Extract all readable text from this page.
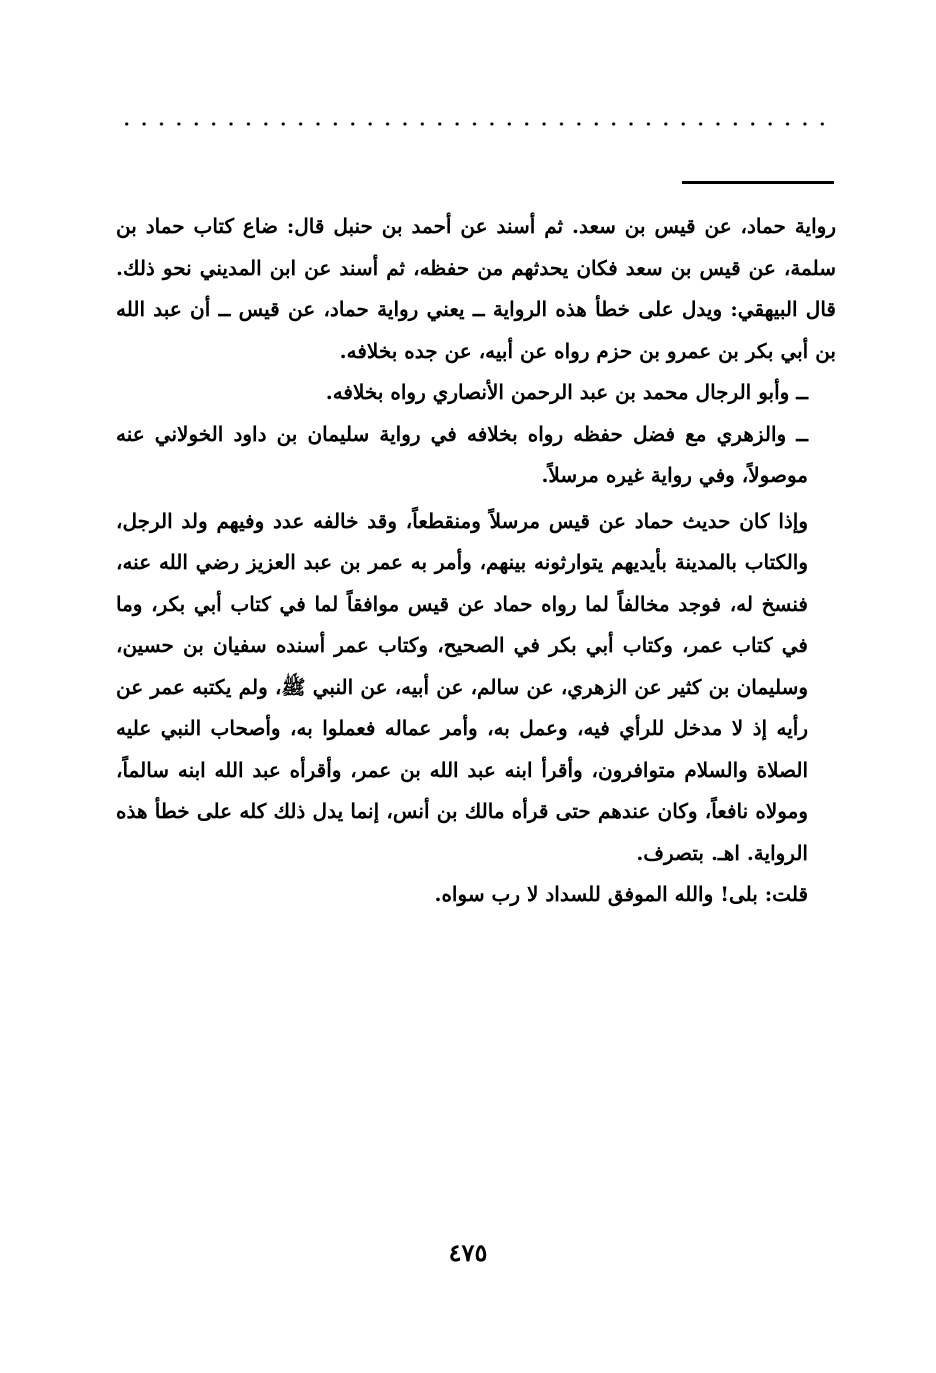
رواية حماد، عن قيس بن سعد. ثم أسند عن أحمد بن حنبل قال: ضاع كتاب حماد بن سلمة، عن قيس بن سعد فكان يحدثهم من حفظه، ثم أسند عن ابن المديني نحو ذلك. قال البيهقي: ويدل على خطأ هذه الرواية ــ يعني رواية حماد، عن قيس ــ أن عبد الله بن أبي بكر بن عمرو بن حزم رواه عن أبيه، عن جده بخلافه.

ــ وأبو الرجال محمد بن عبد الرحمن الأنصاري رواه بخلافه.

ــ والزهري مع فضل حفظه رواه بخلافه في رواية سليمان بن داود الخولاني عنه موصولاً، وفي رواية غيره مرسلاً.

وإذا كان حديث حماد عن قيس مرسلاً ومنقطعاً، وقد خالفه عدد وفيهم ولد الرجل، والكتاب بالمدينة بأيديهم يتوارثونه بينهم، وأمر به عمر بن عبد العزيز رضي الله عنه، فنسخ له، فوجد مخالفاً لما رواه حماد عن قيس موافقاً لما في كتاب أبي بكر، وما في كتاب عمر، وكتاب أبي بكر في الصحيح، وكتاب عمر أسنده سفيان بن حسين، وسليمان بن كثير عن الزهري، عن سالم، عن أبيه، عن النبي ﷺ، ولم يكتبه عمر عن رأيه إذ لا مدخل للرأي فيه، وعمل به، وأمر عماله فعملوا به، وأصحاب النبي عليه الصلاة والسلام متوافرون، وأقرأ ابنه عبد الله بن عمر، وأقرأه عبد الله ابنه سالماً، ومولاه نافعاً، وكان عندهم حتى قرأه مالك بن أنس، إنما يدل ذلك كله على خطأ هذه الرواية. اهـ. بتصرف.

قلت: بلى! والله الموفق للسداد لا رب سواه.

٤٧٥
